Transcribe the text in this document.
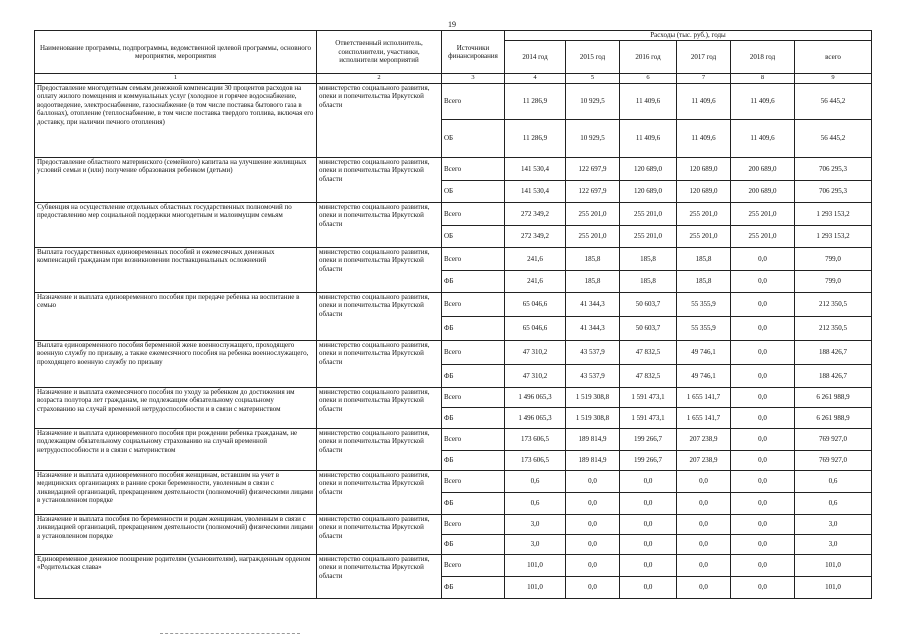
19
Наименование программы, подпрограммы, ведомственной целевой программы, основного мероприятия, мероприятия	Ответственный исполнитель, соисполнители, участники, исполнители мероприятий	Источники финансирования	Расходы (тыс. руб.), годы					
			2014 год	2015 год	2016 год	2017 год	2018 год	всего
1	2	3	4	5	6	7	8	9
Предоставление многодетным семьям денежной компенсации 30 процентов расходов на оплату жилого помещения и коммунальных услуг (холодное и горячее водоснабжение, водоотведение, электроснабжение, газоснабжение (в том числе поставка бытового газа в баллонах), отопление (теплоснабжение, в том числе поставка твердого топлива, включая его доставку, при наличии печного отопления)	министерство социального развития, опеки и попечительства Иркутской области	Всего	11 286,9	10 929,5	11 409,6	11 409,6	11 409,6	56 445,2
		ОБ	11 286,9	10 929,5	11 409,6	11 409,6	11 409,6	56 445,2
Предоставление областного материнского (семейного) капитала на улучшение жилищных условий семьи и (или) получение образования ребенком (детьми)	министерство социального развития, опеки и попечительства Иркутской области	Всего	141 530,4	122 697,9	120 689,0	120 689,0	200 689,0	706 295,3
		ОБ	141 530,4	122 697,9	120 689,0	120 689,0	200 689,0	706 295,3
Субвенция на осуществление отдельных областных государственных полномочий по предоставлению мер социальной поддержки многодетным и малоимущим семьям	министерство социального развития, опеки и попечительства Иркутской области	Всего	272 349,2	255 201,0	255 201,0	255 201,0	255 201,0	1 293 153,2
		ОБ	272 349,2	255 201,0	255 201,0	255 201,0	255 201,0	1 293 153,2
Выплата государственных единовременных пособий и ежемесячных денежных компенсаций гражданам при возникновении поствакцинальных осложнений	министерство социального развития, опеки и попечительства Иркутской области	Всего	241,6	185,8	185,8	185,8	0,0	799,0
		ФБ	241,6	185,8	185,8	185,8	0,0	799,0
Назначение и выплата единовременного пособия при передаче ребенка на воспитание в семью	министерство социального развития, опеки и попечительства Иркутской области	Всего	65 046,6	41 344,3	50 603,7	55 355,9	0,0	212 350,5
		ФБ	65 046,6	41 344,3	50 603,7	55 355,9	0,0	212 350,5
Выплата единовременного пособия беременной жене военнослужащего, проходящего военную службу по призыву, а также ежемесячного пособия на ребенка военнослужащего, проходящего военную службу по призыву	министерство социального развития, опеки и попечительства Иркутской области	Всего	47 310,2	43 537,9	47 832,5	49 746,1	0,0	188 426,7
		ФБ	47 310,2	43 537,9	47 832,5	49 746,1	0,0	188 426,7
Назначение и выплата ежемесячного пособия по уходу за ребенком до достижения им возраста полутора лет гражданам, не подлежащим обязательному социальному страхованию на случай временной нетрудоспособности и в связи с материнством	министерство социального развития, опеки и попечительства Иркутской области	Всего	1 496 065,3	1 519 308,8	1 591 473,1	1 655 141,7	0,0	6 261 988,9
		ФБ	1 496 065,3	1 519 308,8	1 591 473,1	1 655 141,7	0,0	6 261 988,9
Назначение и выплата единовременного пособия при рождении ребенка гражданам, не подлежащим обязательному социальному страхованию на случай временной нетрудоспособности и в связи с материнством	министерство социального развития, опеки и попечительства Иркутской области	Всего	173 606,5	189 814,9	199 266,7	207 238,9	0,0	769 927,0
		ФБ	173 606,5	189 814,9	199 266,7	207 238,9	0,0	769 927,0
Назначение и выплата единовременного пособия женщинам, вставшим на учет в медицинских организациях в ранние сроки беременности, уволенным в связи с ликвидацией организаций, прекращением деятельности (полномочий) физическими лицами в установленном порядке	министерство социального развития, опеки и попечительства Иркутской области	Всего	0,6	0,0	0,0	0,0	0,0	0,6
		ФБ	0,6	0,0	0,0	0,0	0,0	0,6
Назначение и выплата пособия по беременности и родам женщинам, уволенным в связи с ликвидацией организаций, прекращением деятельности (полномочий) физическими лицами в установленном порядке	министерство социального развития, опеки и попечительства Иркутской области	Всего	3,0	0,0	0,0	0,0	0,0	3,0
		ФБ	3,0	0,0	0,0	0,0	0,0	3,0
Единовременное денежное поощрение родителям (усыновителям), награжденным орденом «Родительская слава»	министерство социального развития, опеки и попечительства Иркутской области	Всего	101,0	0,0	0,0	0,0	0,0	101,0
		ФБ	101,0	0,0	0,0	0,0	0,0	101,0
